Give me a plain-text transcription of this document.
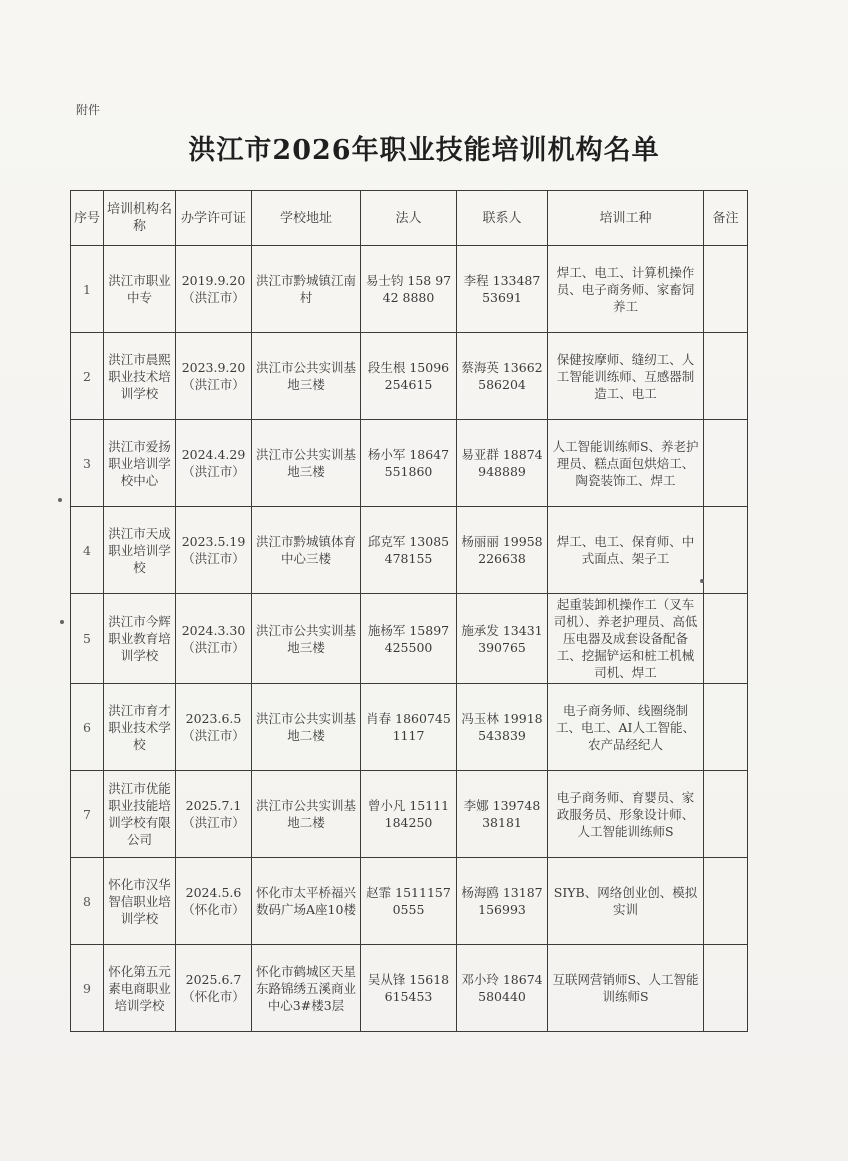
附件
洪江市2026年职业技能培训机构名单
序号	培训机构名称	办学许可证	学校地址	法人	联系人	培训工种	备注
1	洪江市职业中专	2019.9.20（洪江市）	洪江市黔城镇江南村	易士钧 158 9742 8880	李程 13348753691	焊工、电工、计算机操作员、电子商务师、家畜饲养工	
2	洪江市晨熙职业技术培训学校	2023.9.20（洪江市）	洪江市公共实训基地三楼	段生根 15096254615	蔡海英 13662586204	保健按摩师、缝纫工、人工智能训练师、互感器制造工、电工	
3	洪江市爱扬职业培训学校中心	2024.4.29（洪江市）	洪江市公共实训基地三楼	杨小军 18647551860	易亚群 18874948889	人工智能训练师S、养老护理员、糕点面包烘焙工、陶瓷装饰工、焊工	
4	洪江市天成职业培训学校	2023.5.19（洪江市）	洪江市黔城镇体育中心三楼	邱克军 13085478155	杨丽丽 19958226638	焊工、电工、保育师、中式面点、架子工	
5	洪江市今辉职业教育培训学校	2024.3.30（洪江市）	洪江市公共实训基地三楼	施杨军 15897425500	施承发 13431390765	起重装卸机操作工（叉车司机）、养老护理员、高低压电器及成套设备配备工、挖掘铲运和桩工机械司机、焊工	
6	洪江市育才职业技术学校	2023.6.5（洪江市）	洪江市公共实训基地二楼	肖春 18607451117	冯玉林 19918543839	电子商务师、线圈绕制工、电工、AI人工智能、农产品经纪人	
7	洪江市优能职业技能培训学校有限公司	2025.7.1（洪江市）	洪江市公共实训基地二楼	曾小凡 15111184250	李娜 13974838181	电子商务师、育婴员、家政服务员、形象设计师、人工智能训练师S	
8	怀化市汉华智信职业培训学校	2024.5.6（怀化市）	怀化市太平桥福兴数码广场A座10楼	赵霏 15111570555	杨海鸥 13187156993	SIYB、网络创业创、模拟实训	
9	怀化第五元素电商职业培训学校	2025.6.7（怀化市）	怀化市鹤城区天星东路锦绣五溪商业中心3#楼3层	吴从锋 15618615453	邓小玲 18674580440	互联网营销师S、人工智能训练师S	
